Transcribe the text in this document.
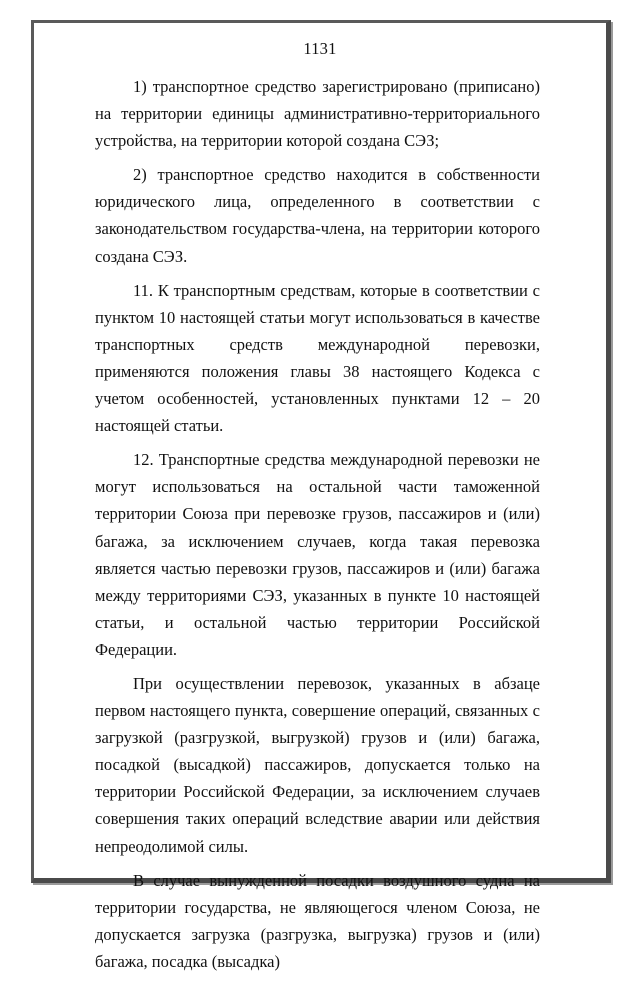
1131

1) транспортное средство зарегистрировано (приписано) на территории единицы административно-территориального устройства, на территории которой создана СЭЗ;

2) транспортное средство находится в собственности юридического лица, определенного в соответствии с законодательством государства-члена, на территории которого создана СЭЗ.

11. К транспортным средствам, которые в соответствии с пунктом 10 настоящей статьи могут использоваться в качестве транспортных средств международной перевозки, применяются положения главы 38 настоящего Кодекса с учетом особенностей, установленных пунктами 12 – 20 настоящей статьи.

12. Транспортные средства международной перевозки не могут использоваться на остальной части таможенной территории Союза при перевозке грузов, пассажиров и (или) багажа, за исключением случаев, когда такая перевозка является частью перевозки грузов, пассажиров и (или) багажа между территориями СЭЗ, указанных в пункте 10 настоящей статьи, и остальной частью территории Российской Федерации.

При осуществлении перевозок, указанных в абзаце первом настоящего пункта, совершение операций, связанных с загрузкой (разгрузкой, выгрузкой) грузов и (или) багажа, посадкой (высадкой) пассажиров, допускается только на территории Российской Федерации, за исключением случаев совершения таких операций вследствие аварии или действия непреодолимой силы.

В случае вынужденной посадки воздушного судна на территории государства, не являющегося членом Союза, не допускается загрузка (разгрузка, выгрузка) грузов и (или) багажа, посадка (высадка)
